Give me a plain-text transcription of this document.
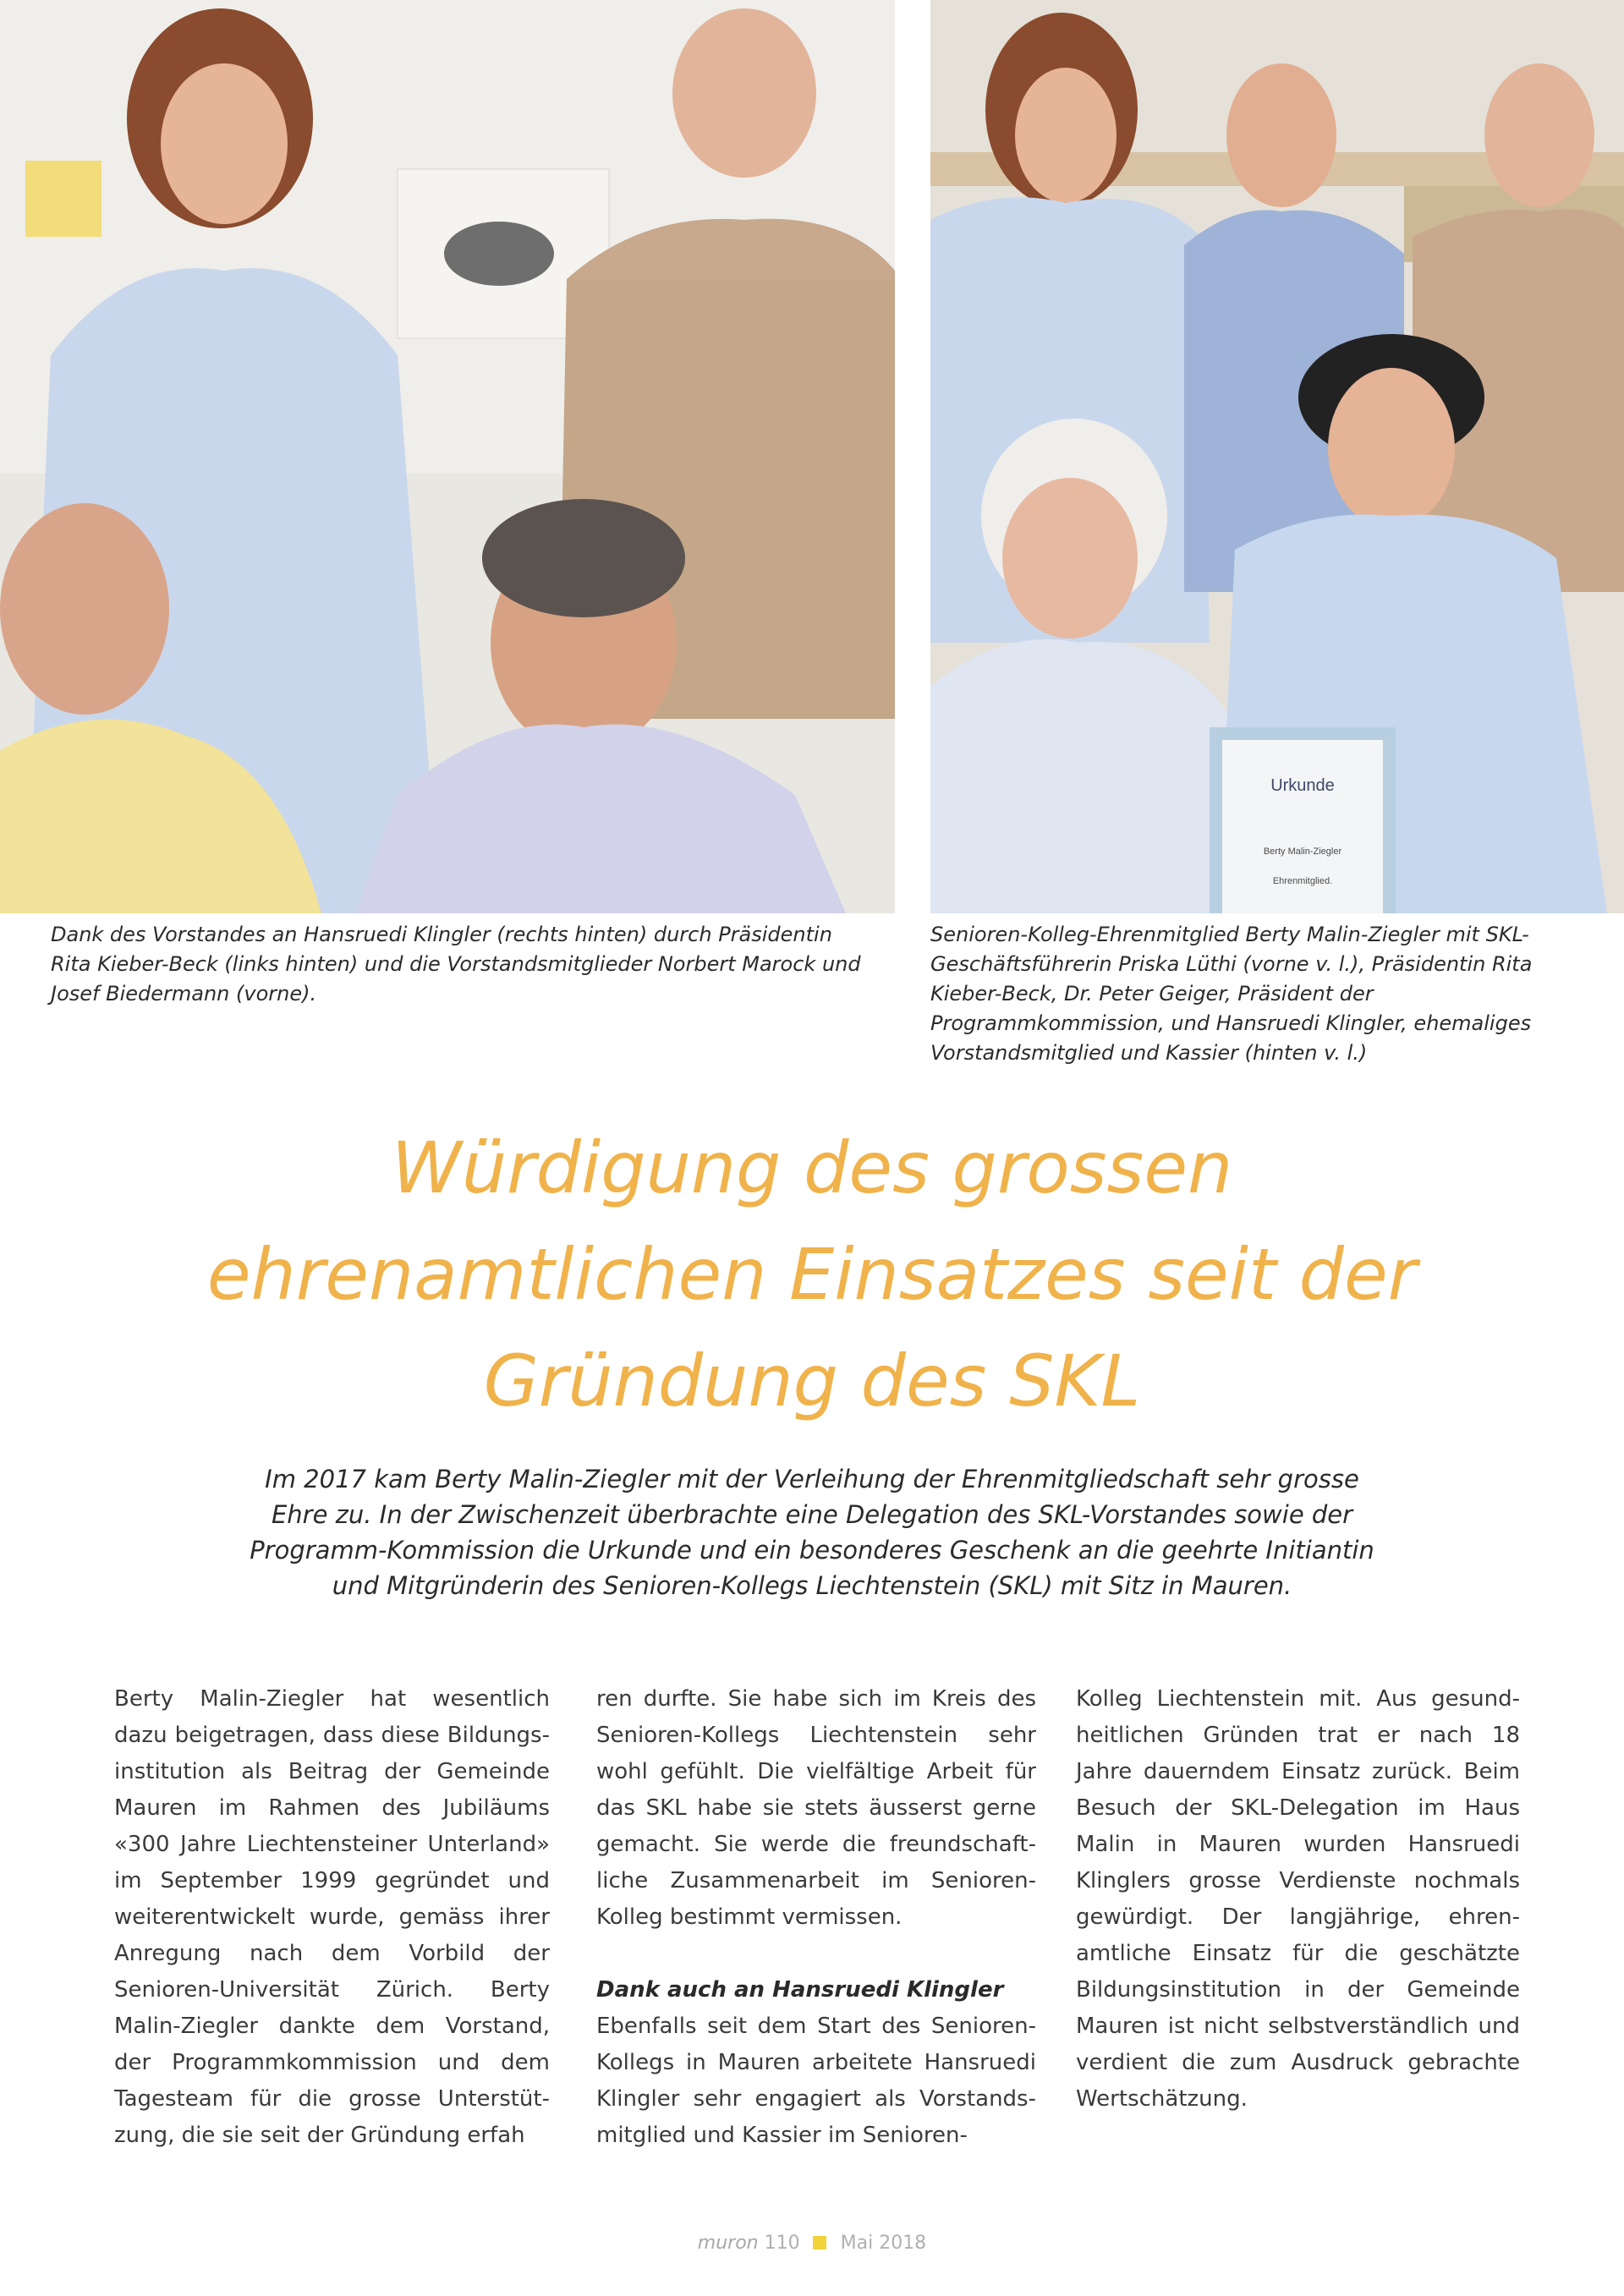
Urkunde
Berty Malin-Ziegler
Ehrenmitglied.
Dank des Vorstandes an Hansruedi Klingler (rechts hinten) durch Präsidentin Rita Kieber-Beck (links hinten) und die Vorstandsmitglieder Norbert Marock und Josef Biedermann (vorne).
Senioren-Kolleg-Ehrenmitglied Berty Malin-Ziegler mit SKL-Geschäftsführerin Priska Lüthi (vorne v. l.), Präsidentin Rita Kieber-Beck, Dr. Peter Geiger, Präsident der Programmkommission, und Hansruedi Klingler, ehemaliges Vorstandsmitglied und Kassier (hinten v. l.)
Würdigung des grossen
ehrenamtlichen Einsatzes seit der
Gründung des SKL
Im 2017 kam Berty Malin-Ziegler mit der Verleihung der Ehrenmitgliedschaft sehr grosse
Ehre zu. In der Zwischenzeit überbrachte eine Delegation des SKL-Vorstandes sowie der
Programm-Kommission die Urkunde und ein besonderes Geschenk an die geehrte Initiantin
und Mitgründerin des Senioren-Kollegs Liechtenstein (SKL) mit Sitz in Mauren.

Berty Malin-Ziegler hat wesentlich dazu beigetragen, dass diese Bildungsinstitution als Beitrag der Gemeinde Mauren im Rahmen des Jubiläums «300 Jahre Liechtensteiner Unterland» im September 1999 gegründet und weiterentwickelt wurde, gemäss ihrer Anregung nach dem Vorbild der Senioren-Universität Zürich. Berty Malin-Ziegler dankte dem Vorstand, der Programmkommission und dem Tagesteam für die grosse Unterstützung, die sie seit der Gründung erfah

ren durfte. Sie habe sich im Kreis des Senioren-Kollegs Liechtenstein sehr wohl gefühlt. Die vielfältige Arbeit für das SKL habe sie stets äusserst gerne gemacht. Sie werde die freundschaftliche Zusammenarbeit im Senioren-Kolleg bestimmt vermissen.

Dank auch an Hansruedi Klingler

Ebenfalls seit dem Start des Senioren-Kollegs in Mauren arbeitete Hansruedi Klingler sehr engagiert als Vorstandsmitglied und Kassier im Senioren-

Kolleg Liechtenstein mit. Aus gesundheitlichen Gründen trat er nach 18 Jahre dauerndem Einsatz zurück. Beim Besuch der SKL-Delegation im Haus Malin in Mauren wurden Hansruedi Klinglers grosse Verdienste nochmals gewürdigt. Der langjährige, ehrenamtliche Einsatz für die geschätzte Bildungsinstitution in der Gemeinde Mauren ist nicht selbstverständlich und verdient die zum Ausdruck gebrachte Wertschätzung.

muron 110 Mai 2018
